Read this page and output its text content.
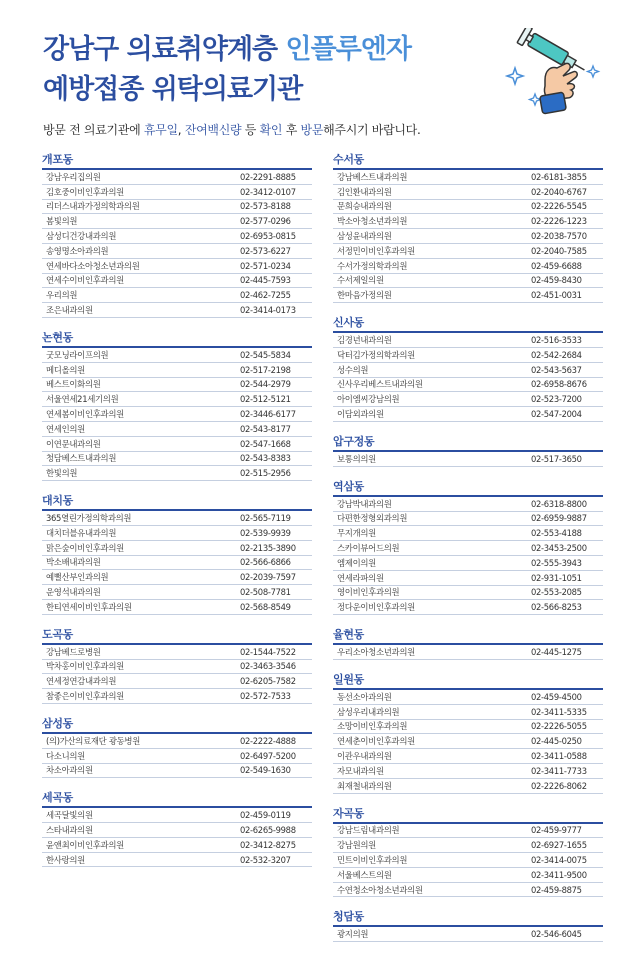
강남구 의료취약계층 인플루엔자
예방접종 위탁의료기관
방문 전 의료기관에 휴무일, 잔여백신량 등 확인 후 방문해주시기 바랍니다.
개포동
강남우리집의원	02-2291-8885
김호중이비인후과의원	02-3412-0107
리더스내과가정의학과의원	02-573-8188
봄빛의원	02-577-0296
삼성디건강내과의원	02-6953-0815
송영명소아과의원	02-573-6227
연세바다소아청소년과의원	02-571-0234
연세수이비인후과의원	02-445-7593
우리의원	02-462-7255
조은내과의원	02-3414-0173
논현동
굿모닝라이프의원	02-545-5834
메디올의원	02-517-2198
베스트이화의원	02-544-2979
서울연세21세기의원	02-512-5121
연세봄이비인후과의원	02-3446-6177
연세인의원	02-543-8177
이연문내과의원	02-547-1668
청담베스트내과의원	02-543-8383
한빛의원	02-515-2956
대치동
365열린가정의학과의원	02-565-7119
대치더블유내과의원	02-539-9939
맑은숲이비인후과의원	02-2135-3890
박소배내과의원	02-566-6866
예뻘산부인과의원	02-2039-7597
운영석내과의원	02-508-7781
한티연세이비인후과의원	02-568-8549
도곡동
강남베드로병원	02-1544-7522
박차홍이비인후과의원	02-3463-3546
연세정연감내과의원	02-6205-7582
참좋은이비인후과의원	02-572-7533
삼성동
(의)가산의료재단 광동병원	02-2222-4888
다소니의원	02-6497-5200
차소아과의원	02-549-1630
세곡동
세곡달빛의원	02-459-0119
스타내과의원	02-6265-9988
윤앤최이비인후과의원	02-3412-8275
한사랑의원	02-532-3207
수서동
강남베스트내과의원	02-6181-3855
김인환내과의원	02-2040-6767
문희승내과의원	02-2226-5545
박소아청소년과의원	02-2226-1223
삼성윤내과의원	02-2038-7570
서정민이비인후과의원	02-2040-7585
수서가정의학과의원	02-459-6688
수서제일의원	02-459-8430
한마음가정의원	02-451-0031
신사동
김경년내과의원	02-516-3533
닥터김가정의학과의원	02-542-2684
성수의원	02-543-5637
신사우리베스트내과의원	02-6958-8676
아이엠씨강남의원	02-523-7200
이담외과의원	02-547-2004
압구정동
보통의의원	02-517-3650
역삼동
강남박내과의원	02-6318-8800
다편한정형외과의원	02-6959-9887
무지개의원	02-553-4188
스카이뷰어드의원	02-3453-2500
엠제이의원	02-555-3943
연세라파의원	02-931-1051
영이비인후과의원	02-553-2085
정다운이비인후과의원	02-566-8253
율현동
우리소아청소년과의원	02-445-1275
일원동
동선소아과의원	02-459-4500
삼성우리내과의원	02-3411-5335
소망이비인후과의원	02-2226-5055
연세춘이비인후과의원	02-445-0250
이관우내과의원	02-3411-0588
자모내과의원	02-3411-7733
최재철내과의원	02-2226-8062
자곡동
강남드림내과의원	02-459-9777
강남원의원	02-6927-1655
민트이비인후과의원	02-3414-0075
서울베스트의원	02-3411-9500
수연청소아청소년과의원	02-459-8875
청담동
광지의원	02-546-6045
